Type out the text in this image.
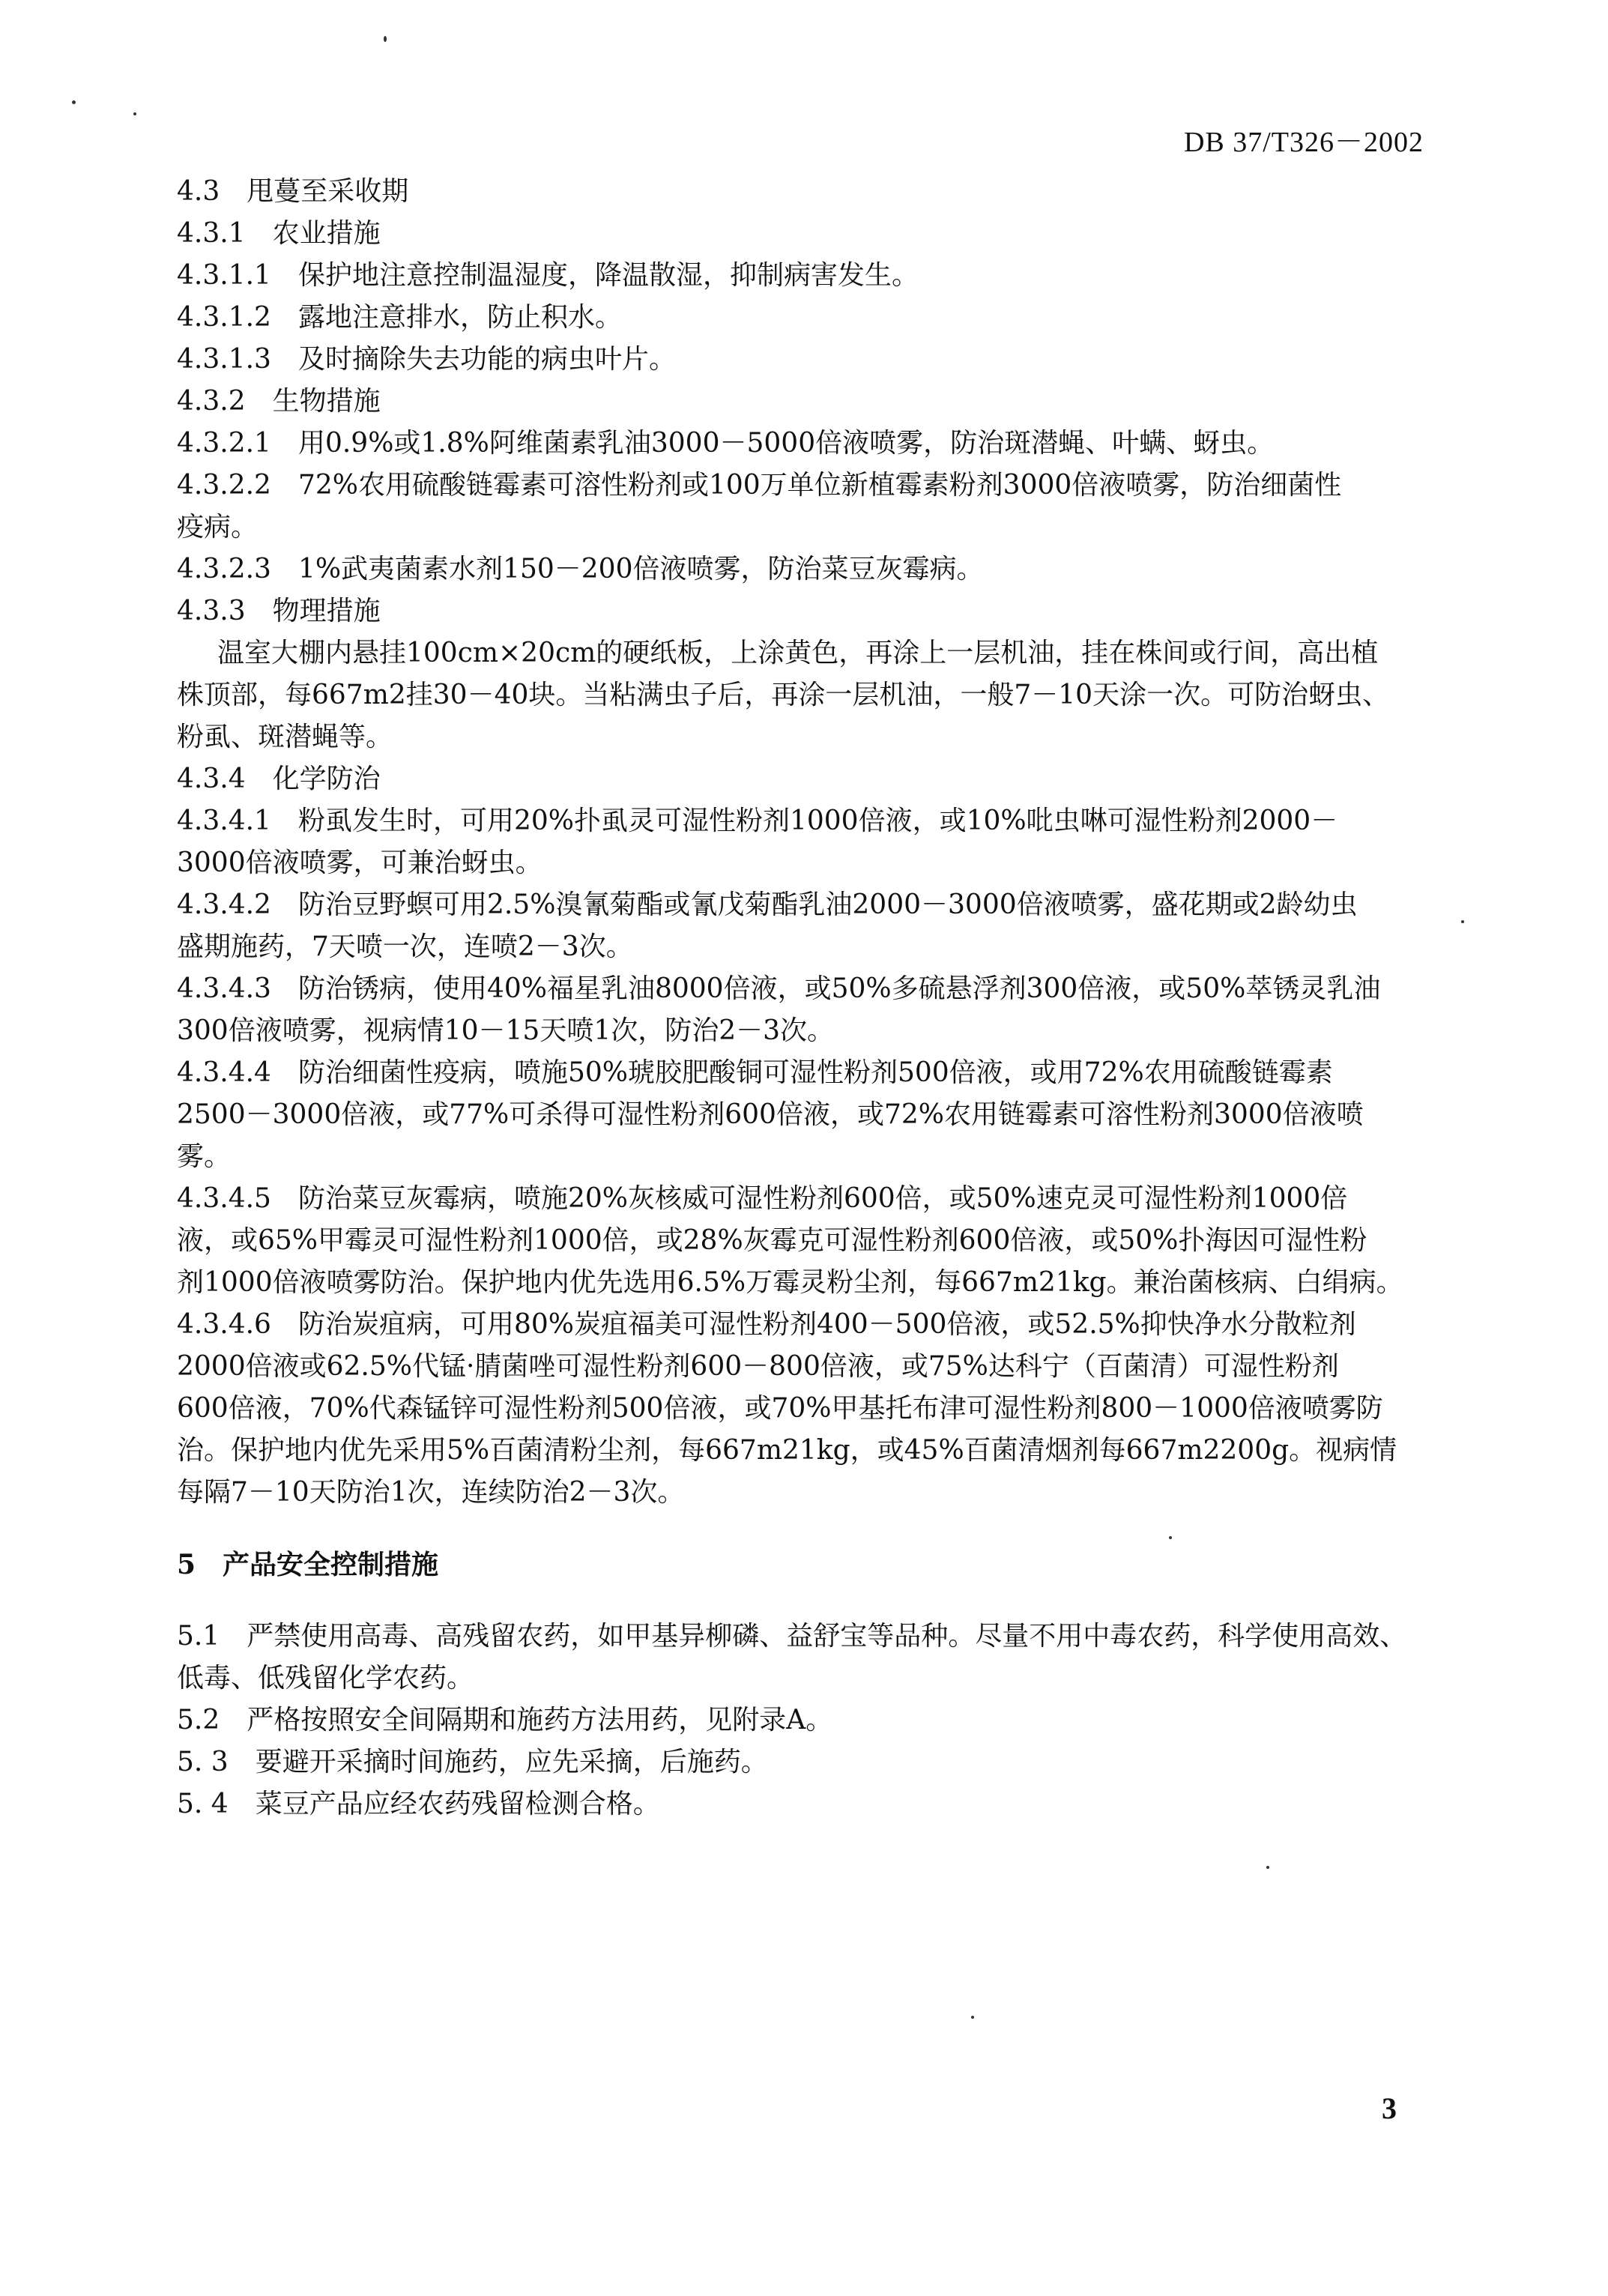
DB 37/T326－2002

4.3　甩蔓至采收期

4.3.1　农业措施

4.3.1.1　保护地注意控制温湿度，降温散湿，抑制病害发生。

4.3.1.2　露地注意排水，防止积水。

4.3.1.3　及时摘除失去功能的病虫叶片。

4.3.2　生物措施

4.3.2.1　用0.9%或1.8%阿维菌素乳油3000－5000倍液喷雾，防治斑潜蝇、叶螨、蚜虫。

4.3.2.2　72%农用硫酸链霉素可溶性粉剂或100万单位新植霉素粉剂3000倍液喷雾，防治细菌性

疫病。

4.3.2.3　1%武夷菌素水剂150－200倍液喷雾，防治菜豆灰霉病。

4.3.3　物理措施

温室大棚内悬挂100cm×20cm的硬纸板，上涂黄色，再涂上一层机油，挂在株间或行间，高出植

株顶部，每667m2挂30－40块。当粘满虫子后，再涂一层机油，一般7－10天涂一次。可防治蚜虫、

粉虱、斑潜蝇等。

4.3.4　化学防治

4.3.4.1　粉虱发生时，可用20%扑虱灵可湿性粉剂1000倍液，或10%吡虫啉可湿性粉剂2000－

3000倍液喷雾，可兼治蚜虫。

4.3.4.2　防治豆野螟可用2.5%溴氰菊酯或氰戊菊酯乳油2000－3000倍液喷雾，盛花期或2龄幼虫

盛期施药，7天喷一次，连喷2－3次。

4.3.4.3　防治锈病，使用40%福星乳油8000倍液，或50%多硫悬浮剂300倍液，或50%萃锈灵乳油

300倍液喷雾，视病情10－15天喷1次，防治2－3次。

4.3.4.4　防治细菌性疫病，喷施50%琥胶肥酸铜可湿性粉剂500倍液，或用72%农用硫酸链霉素

2500－3000倍液，或77%可杀得可湿性粉剂600倍液，或72%农用链霉素可溶性粉剂3000倍液喷

雾。

4.3.4.5　防治菜豆灰霉病，喷施20%灰核威可湿性粉剂600倍，或50%速克灵可湿性粉剂1000倍

液，或65%甲霉灵可湿性粉剂1000倍，或28%灰霉克可湿性粉剂600倍液，或50%扑海因可湿性粉

剂1000倍液喷雾防治。保护地内优先选用6.5%万霉灵粉尘剂，每667m21kg。兼治菌核病、白绢病。

4.3.4.6　防治炭疽病，可用80%炭疽福美可湿性粉剂400－500倍液，或52.5%抑快净水分散粒剂

2000倍液或62.5%代锰·腈菌唑可湿性粉剂600－800倍液，或75%达科宁（百菌清）可湿性粉剂

600倍液，70%代森锰锌可湿性粉剂500倍液，或70%甲基托布津可湿性粉剂800－1000倍液喷雾防

治。保护地内优先采用5%百菌清粉尘剂，每667m21kg，或45%百菌清烟剂每667m2200g。视病情

每隔7－10天防治1次，连续防治2－3次。

5　产品安全控制措施

5.1　严禁使用高毒、高残留农药，如甲基异柳磷、益舒宝等品种。尽量不用中毒农药，科学使用高效、

低毒、低残留化学农药。

5.2　严格按照安全间隔期和施药方法用药，见附录A。

5. 3　要避开采摘时间施药，应先采摘，后施药。

5. 4　菜豆产品应经农药残留检测合格。

3
